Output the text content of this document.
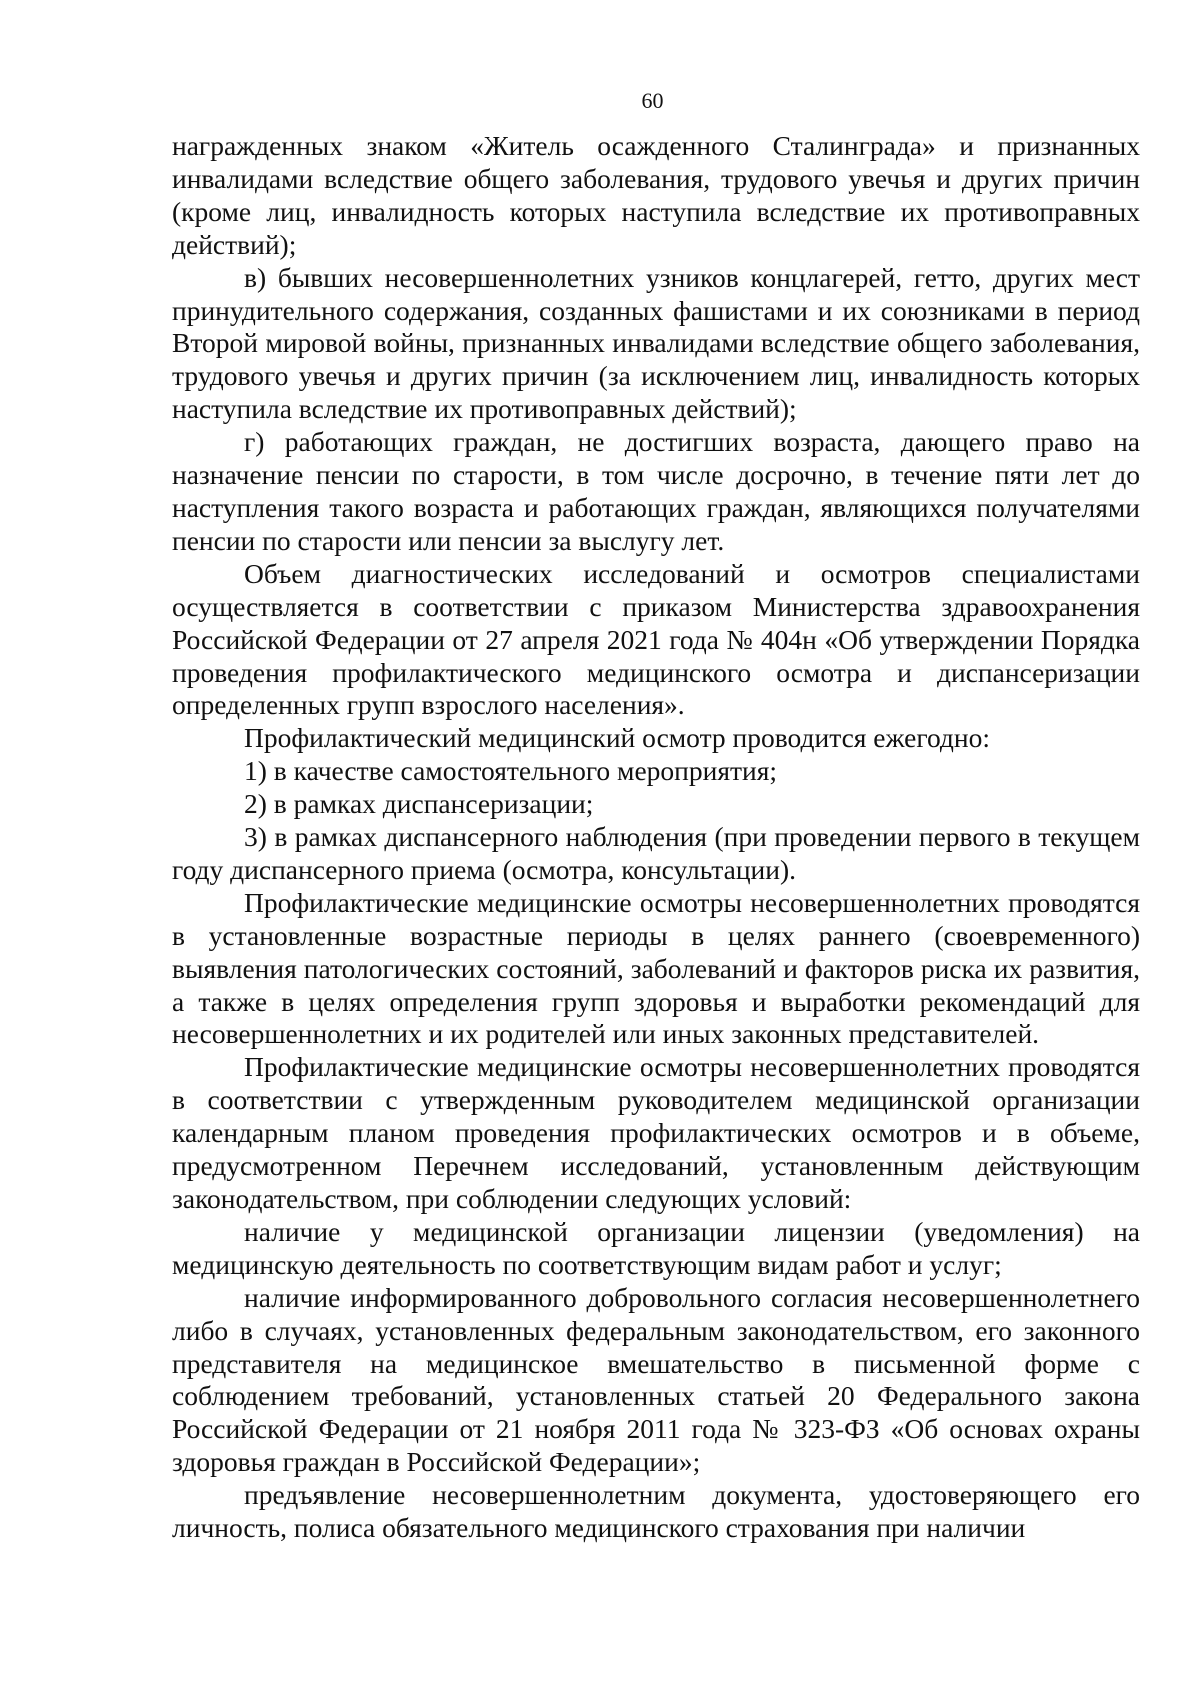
60

награжденных знаком «Житель осажденного Сталинграда» и признанных инвалидами вследствие общего заболевания, трудового увечья и других причин (кроме лиц, инвалидность которых наступила вследствие их противоправных действий);

в) бывших несовершеннолетних узников концлагерей, гетто, других мест принудительного содержания, созданных фашистами и их союзниками в период Второй мировой войны, признанных инвалидами вследствие общего заболевания, трудового увечья и других причин (за исключением лиц, инвалидность которых наступила вследствие их противоправных действий);

г) работающих граждан, не достигших возраста, дающего право на назначение пенсии по старости, в том числе досрочно, в течение пяти лет до наступления такого возраста и работающих граждан, являющихся получателями пенсии по старости или пенсии за выслугу лет.

Объем диагностических исследований и осмотров специалистами осуществляется в соответствии с приказом Министерства здравоохранения Российской Федерации от 27 апреля 2021 года № 404н «Об утверждении Порядка проведения профилактического медицинского осмотра и диспансеризации определенных групп взрослого населения».

Профилактический медицинский осмотр проводится ежегодно:

1) в качестве самостоятельного мероприятия;

2) в рамках диспансеризации;

3) в рамках диспансерного наблюдения (при проведении первого в текущем году диспансерного приема (осмотра, консультации).

Профилактические медицинские осмотры несовершеннолетних проводятся в установленные возрастные периоды в целях раннего (своевременного) выявления патологических состояний, заболеваний и факторов риска их развития, а также в целях определения групп здоровья и выработки рекомендаций для несовершеннолетних и их родителей или иных законных представителей.

Профилактические медицинские осмотры несовершеннолетних проводятся в соответствии с утвержденным руководителем медицинской организации календарным планом проведения профилактических осмотров и в объеме, предусмотренном Перечнем исследований, установленным действующим законодательством, при соблюдении следующих условий:

наличие у медицинской организации лицензии (уведомления) на медицинскую деятельность по соответствующим видам работ и услуг;

наличие информированного добровольного согласия несовершеннолетнего либо в случаях, установленных федеральным законодательством, его законного представителя на медицинское вмешательство в письменной форме с соблюдением требований, установленных статьей 20 Федерального закона Российской Федерации от 21 ноября 2011 года № 323-ФЗ «Об основах охраны здоровья граждан в Российской Федерации»;

предъявление несовершеннолетним документа, удостоверяющего его личность, полиса обязательного медицинского страхования при наличии
